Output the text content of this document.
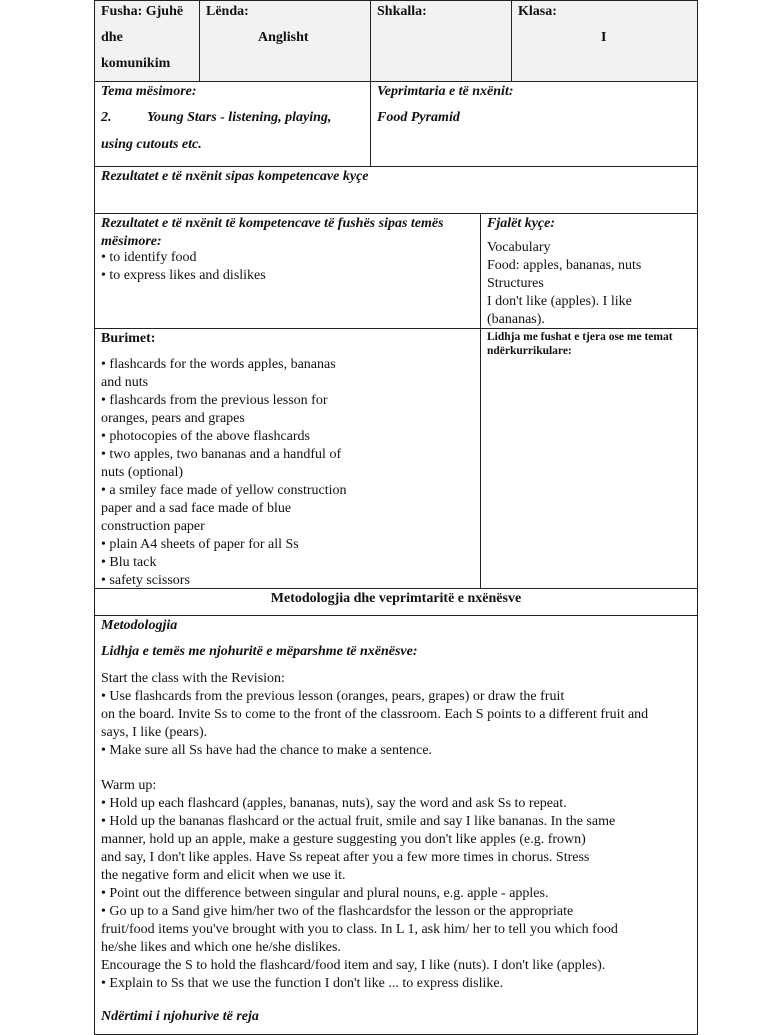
Fusha: Gjuhë
dhe
komunikim
Lënda:
Anglisht
Shkalla:	Klasa:
I
Tema mësimore:
2.	Young Stars - listening, playing,
using cutouts etc.
Veprimtaria e të nxënit:
Food Pyramid
Rezultatet e të nxënit sipas kompetencave kyçe
Rezultatet e të nxënit të kompetencave të fushës sipas temës
mësimore:
• to identify food
• to express likes and dislikes
Fjalët kyçe:
Vocabulary
Food: apples, bananas, nuts
Structures
I don't like (apples). I like
(bananas).
Burimet:
• flashcards for the words apples, bananas
and nuts
• flashcards from the previous lesson for
oranges, pears and grapes
• photocopies of the above flashcards
• two apples, two bananas and a handful of
nuts (optional)
• a smiley face made of yellow construction
paper and a sad face made of blue
construction paper
• plain A4 sheets of paper for all Ss
• Blu tack
• safety scissors
Lidhja me fushat e tjera ose me temat
ndërkurrikulare:
Metodologjia dhe veprimtaritë e nxënësve
Metodologjia
Lidhja e temës me njohuritë e mëparshme të nxënësve:
Start the class with the Revision:
• Use flashcards from the previous lesson (oranges, pears, grapes) or draw the fruit
on the board. Invite Ss to come to the front of the classroom. Each S points to a different fruit and
says, I like (pears).
• Make sure all Ss have had the chance to make a sentence.
Warm up:
• Hold up each flashcard (apples, bananas, nuts), say the word and ask Ss to repeat.
• Hold up the bananas flashcard or the actual fruit, smile and say I like bananas. In the same
manner, hold up an apple, make a gesture suggesting you don't like apples (e.g. frown)
and say, I don't like apples. Have Ss repeat after you a few more times in chorus. Stress
the negative form and elicit when we use it.
• Point out the difference between singular and plural nouns, e.g. apple - apples.
• Go up to a Sand give him/her two of the flashcardsfor the lesson or the appropriate
fruit/food items you've brought with you to class. In L 1, ask him/ her to tell you which food
he/she likes and which one he/she dislikes.
Encourage the S to hold the flashcard/food item and say, I like (nuts). I don't like (apples).
• Explain to Ss that we use the function I don't like ... to express dislike.
Ndërtimi i njohurive të reja
